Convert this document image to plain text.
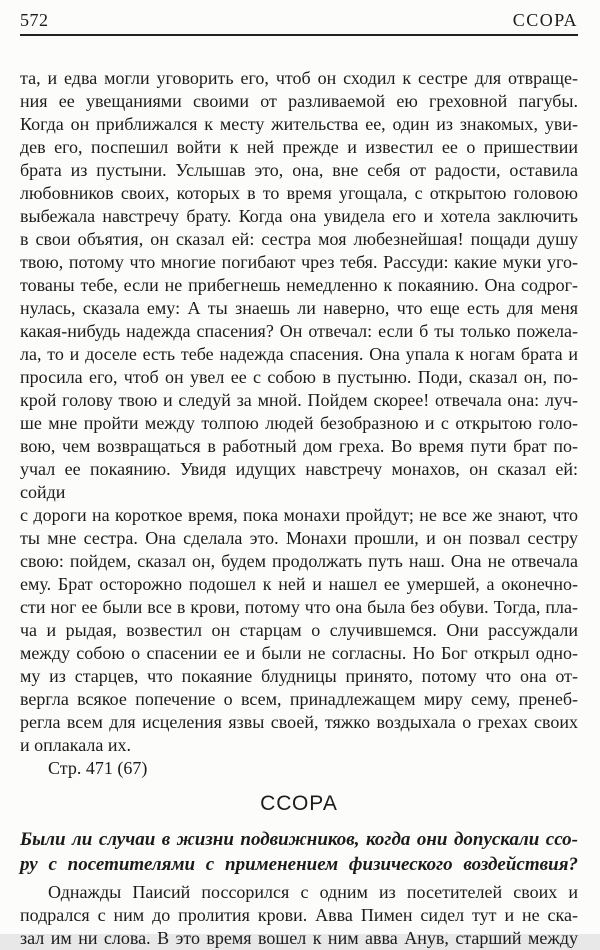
572	ССОРА
та, и едва могли уговорить его, чтоб он сходил к сестре для отвраще-
ния ее увещаниями своими от разливаемой ею греховной пагубы.
Когда он приближался к месту жительства ее, один из знакомых, уви-
дев его, поспешил войти к ней прежде и известил ее о пришествии
брата из пустыни. Услышав это, она, вне себя от радости, оставила
любовников своих, которых в то время угощала, с открытою головою
выбежала навстречу брату. Когда она увидела его и хотела заключить
в свои объятия, он сказал ей: сестра моя любезнейшая! пощади душу
твою, потому что многие погибают чрез тебя. Рассуди: какие муки уго-
тованы тебе, если не прибегнешь немедленно к покаянию. Она содрог-
нулась, сказала ему: А ты знаешь ли наверно, что еще есть для меня
какая-нибудь надежда спасения? Он отвечал: если б ты только пожела-
ла, то и доселе есть тебе надежда спасения. Она упала к ногам брата и
просила его, чтоб он увел ее с собою в пустыню. Поди, сказал он, по-
крой голову твою и следуй за мной. Пойдем скорее! отвечала она: луч-
ше мне пройти между толпою людей безобразною и с открытою голо-
вою, чем возвращаться в работный дом греха. Во время пути брат по-
учал ее покаянию. Увидя идущих навстречу монахов, он сказал ей: сойди
с дороги на короткое время, пока монахи пройдут; не все же знают, что
ты мне сестра. Она сделала это. Монахи прошли, и он позвал сестру
свою: пойдем, сказал он, будем продолжать путь наш. Она не отвечала
ему. Брат осторожно подошел к ней и нашел ее умершей, а оконечно-
сти ног ее были все в крови, потому что она была без обуви. Тогда, пла-
ча и рыдая, возвестил он старцам о случившемся. Они рассуждали
между собою о спасении ее и были не согласны. Но Бог открыл одно-
му из старцев, что покаяние блудницы принято, потому что она от-
вергла всякое попечение о всем, принадлежащем миру сему, пренеб-
регла всем для исцеления язвы своей, тяжко воздыхала о грехах своих
и оплакала их.
Стр. 471 (67)
ССОРА
Были ли случаи в жизни подвижников, когда они допускали ссо-
ру с посетителями с применением физического воздействия?
Однажды Паисий поссорился с одним из посетителей своих и
подрался с ним до пролития крови. Авва Пимен сидел тут и не ска-
зал им ни слова. В это время вошел к ним авва Анув, старший между
